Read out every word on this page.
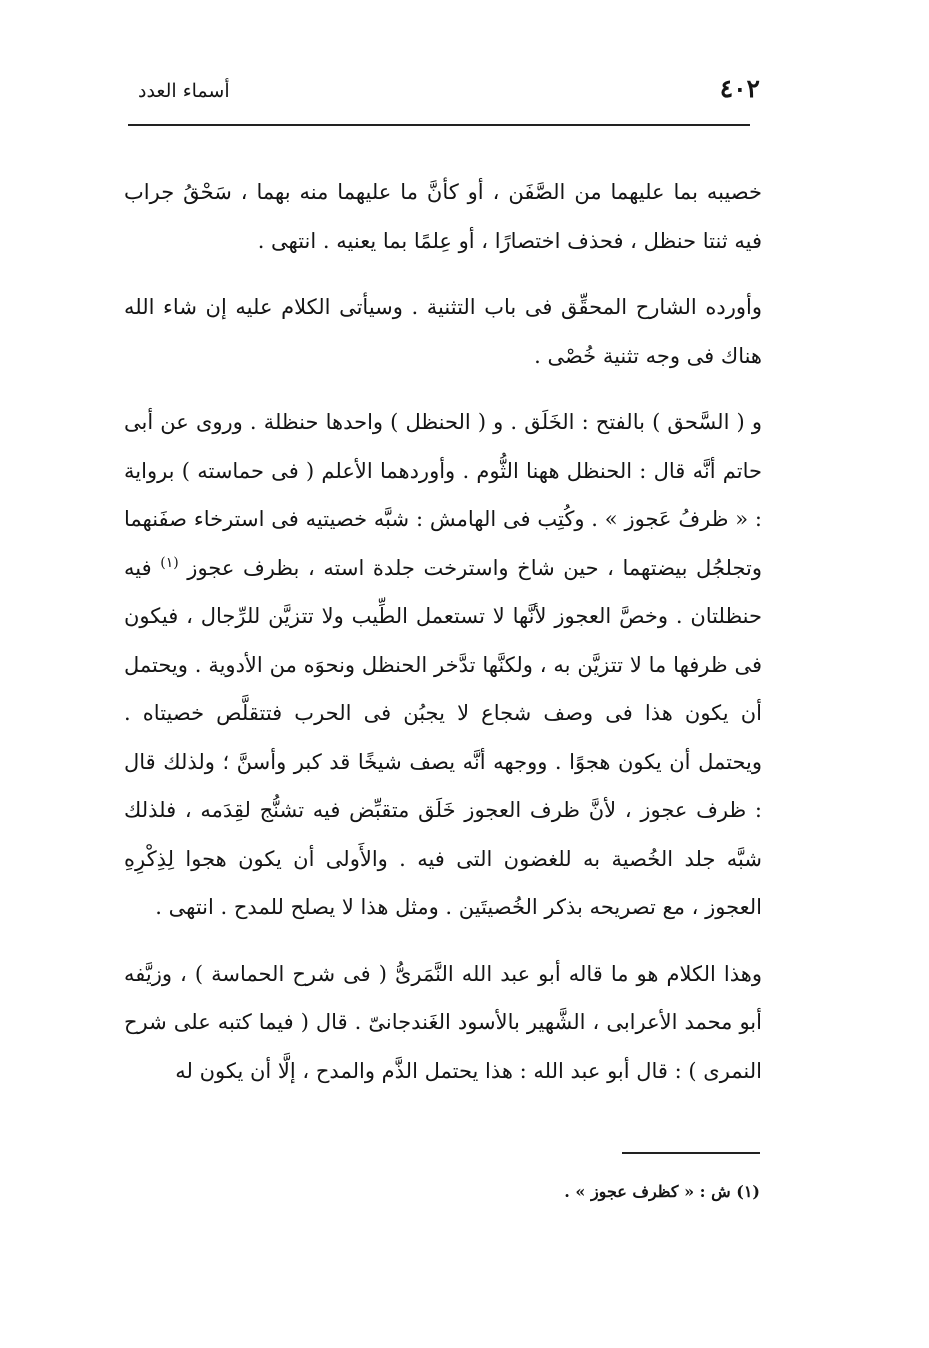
٤٠٢
أسماء العدد

خصيبه بما عليهما من الصَّفَن ، أو كأنَّ ما عليهما منه بهما ، سَحْقُ جراب فيه ثنتا حنظل ، فحذف اختصارًا ، أو عِلمًا بما يعنيه . انتهى .

وأورده الشارح المحقِّق فى باب التثنية . وسيأتى الكلام عليه إن شاء الله هناك فى وجه تثنية خُصْى .

و ( السَّحق ) بالفتح : الخَلَق . و ( الحنظل ) واحدها حنظلة . وروى عن أبى حاتم أنَّه قال : الحنظل ههنا الثُّوم . وأوردهما الأعلم ( فى حماسته ) برواية : « ظرفُ عَجوز » . وكُتِب فى الهامش : شبَّه خصيتيه فى استرخاء صفَنهما وتجلجُل بيضتهما ، حين شاخ واسترخت جلدة استه ، بظرف عجوز $^{(١)}$ فيه حنظلتان . وخصَّ العجوز لأنَّها لا تستعمل الطِّيب ولا تتزيَّن للرِّجال ، فيكون فى ظرفها ما لا تتزيَّن به ، ولكنَّها تدَّخر الحنظل ونحوَه من الأدوية . ويحتمل أن يكون هذا فى وصف شجاع لا يجبُن فى الحرب فتتقلَّص خصيتاه . ويحتمل أن يكون هجوًا . ووجهه أنَّه يصف شيخًا قد كبر وأسنَّ ؛ ولذلك قال : ظرف عجوز ، لأنَّ ظرف العجوز خَلَق متقبِّض فيه تشنُّج لقِدَمه ، فلذلك شبَّه جلد الخُصية به للغضون التى فيه . والأَولى أن يكون هجوا لِذِكْرِهِ العجوز ، مع تصريحه بذكر الخُصيتَين . ومثل هذا لا يصلح للمدح . انتهى .

وهذا الكلام هو ما قاله أبو عبد الله النَّمَرىُّ ( فى شرح الحماسة ) ، وزيَّفه أبو محمد الأعرابى ، الشَّهير بالأسود الغَندجانىّ . قال ( فيما كتبه على شرح النمرى ) : قال أبو عبد الله : هذا يحتمل الذَّم والمدح ، إلَّا أن يكون له

(١) ش : « كظرف عجوز » .
